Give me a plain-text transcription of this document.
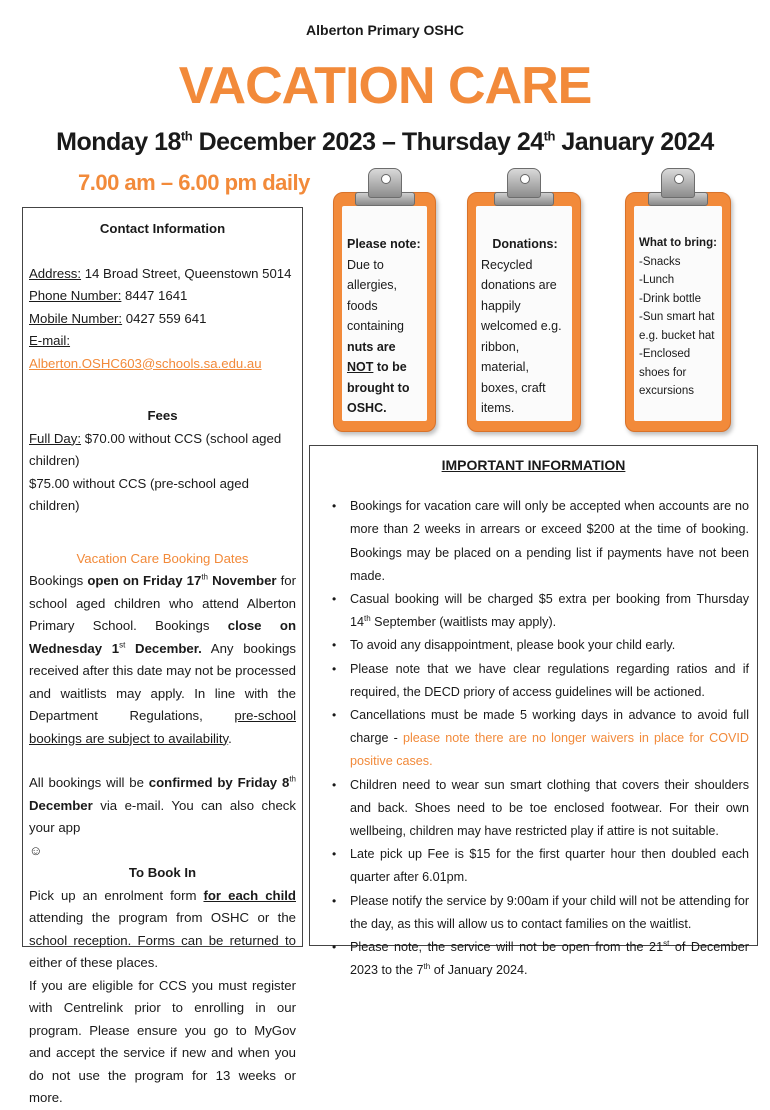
Alberton Primary OSHC
VACATION CARE
Monday 18th December 2023 – Thursday 24th January 2024
7.00 am – 6.00 pm daily

Contact Information

Address: 14 Broad Street, Queenstown 5014

Phone Number: 8447 1641

Mobile Number: 0427 559 641

E-mail: Alberton.OSHC603@schools.sa.edu.au

Fees

Full Day: $70.00 without CCS (school aged children)

$75.00 without CCS (pre-school aged children)

Vacation Care Booking Dates

Bookings open on Friday 17th November for school aged children who attend Alberton Primary School. Bookings close on Wednesday 1st December. Any bookings received after this date may not be processed and waitlists may apply. In line with the Department Regulations, pre-school bookings are subject to availability.

All bookings will be confirmed by Friday 8th December via e-mail. You can also check your app

☺

To Book In

Pick up an enrolment form for each child attending the program from OSHC or the school reception. Forms can be returned to either of these places.

If you are eligible for CCS you must register with Centrelink prior to enrolling in our program. Please ensure you go to MyGov and accept the service if new and when you do not use the program for 13 weeks or more.

Please note:
Due to allergies, foods containing nuts are NOT to be brought to OSHC.
Donations:
Recycled donations are happily welcomed e.g. ribbon, material, boxes, craft items.
What to bring:
-Snacks
-Lunch
-Drink bottle
-Sun smart hat e.g. bucket hat
-Enclosed shoes for excursions
IMPORTANT INFORMATION
• Bookings for vacation care will only be accepted when accounts are no more than 2 weeks in arrears or exceed $200 at the time of booking. Bookings may be placed on a pending list if payments have not been made.
• Casual booking will be charged $5 extra per booking from Thursday 14th September (waitlists may apply).
• To avoid any disappointment, please book your child early.
• Please note that we have clear regulations regarding ratios and if required, the DECD priory of access guidelines will be actioned.
• Cancellations must be made 5 working days in advance to avoid full charge - please note there are no longer waivers in place for COVID positive cases.
• Children need to wear sun smart clothing that covers their shoulders and back. Shoes need to be toe enclosed footwear. For their own wellbeing, children may have restricted play if attire is not suitable.
• Late pick up Fee is $15 for the first quarter hour then doubled each quarter after 6.01pm.
• Please notify the service by 9:00am if your child will not be attending for the day, as this will allow us to contact families on the waitlist.
• Please note, the service will not be open from the 21st of December 2023 to the 7th of January 2024.
